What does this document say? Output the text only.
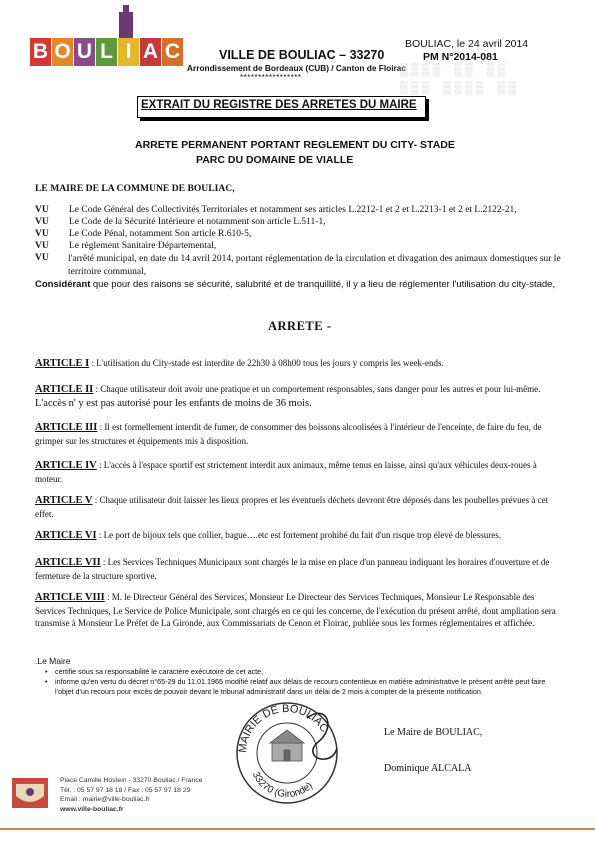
B O U L I A C	VILLE DE BOULIAC – 33270
Arrondissement de Bordeaux (CUB) / Canton de Floirac
*****************
BOULIAC, le 24 avril 2014
PM N°2014-081
▒▒▒▒ ▒▒ ▒▒
▒▒▒ ▒▒▒▒ ▒▒
EXTRAIT DU REGISTRE DES ARRETES DU MAIRE
ARRETE PERMANENT PORTANT REGLEMENT DU CITY- STADE
PARC DU DOMAINE DE VIALLE
LE MAIRE DE LA COMMUNE DE BOULIAC,
VU	Le Code Général des Collectivités Territoriales et notamment ses articles L.2212-1 et 2 et L.2213-1 et 2 et L.2122-21,
VU	Le Code de la Sécurité Intérieure et notamment son article L.511-1,
VU	Le Code Pénal, notamment Son article R.610-5,
VU	Le règlement Sanitaire Départemental,
VU	l'arrêté municipal, en date du 14 avril 2014, portant réglementation de la circulation et divagation des animaux domestiques sur le territoire communal,
Considérant que pour des raisons se sécurité, salubrité et de tranquillité, il y a lieu de réglementer l'utilisation du city-stade,
ARRETE -
ARTICLE I : L'utilisation du City-stade est interdite de 22h30 à 08h00 tous les jours y compris les week-ends.
ARTICLE II : Chaque utilisateur doit avoir une pratique et un comportement responsables, sans danger pour les autres et pour lui-même. L'accès n' y est pas autorisé pour les enfants de moins de 36 mois.
ARTICLE III : Il est formellement interdit de fumer, de consommer des boissons alcoolisées à l'intérieur de l'enceinte, de faire du feu, de grimper sur les structures et équipements mis à disposition.
ARTICLE IV : L'accès à l'espace sportif est strictement interdit aux animaux, même tenus en laisse, ainsi qu'aux véhicules deux-roues à moteur.
ARTICLE V : Chaque utilisateur doit laisser les lieux propres et les éventuels déchets devront être déposés dans les poubelles prévues à cet effet.
ARTICLE VI : Le port de bijoux tels que collier, bague….etc est fortement prohibé du fait d'un risque trop élevé de blessures.
ARTICLE VII : Les Services Techniques Municipaux sont chargés le la mise en place d'un panneau indiquant les horaires d'ouverture et de fermeture de la structure sportive.
ARTICLE VIII : M. le Directeur Général des Services, Monsieur Le Directeur des Services Techniques, Monsieur Le Responsable des Services Techniques, Le Service de Police Municipale, sont chargés en ce qui les concerne, de l'exécution du présent arrêté, dont ampliation sera transmise à Monsieur Le Préfet de La Gironde, aux Commissariats de Cenon et Floirac, publiée sous les formes réglementaires et affichée.
.Le Maire
• certifie sous sa responsabilité le caractère exécutoire de cet acte,
• informe qu'en vertu du décret n°65-29 du 11.01.1965 modifié relatif aux délais de recours contentieux en matière administrative le présent arrêté peut faire l'objet d'un recours pour excès de pouvoir devant le tribunal administratif dans un délai de 2 mois à compter de la présente notification.
MAIRIE DE BOULIAC
33270 (Gironde)
Le Maire de BOULIAC,
Dominique ALCALA
Place Camille Hostein - 33270 Bouliac / France
Tél. : 05 57 97 18 18 / Fax : 05 57 97 18 29
Email : mairie@ville-bouliac.fr
www.ville-bouliac.fr
